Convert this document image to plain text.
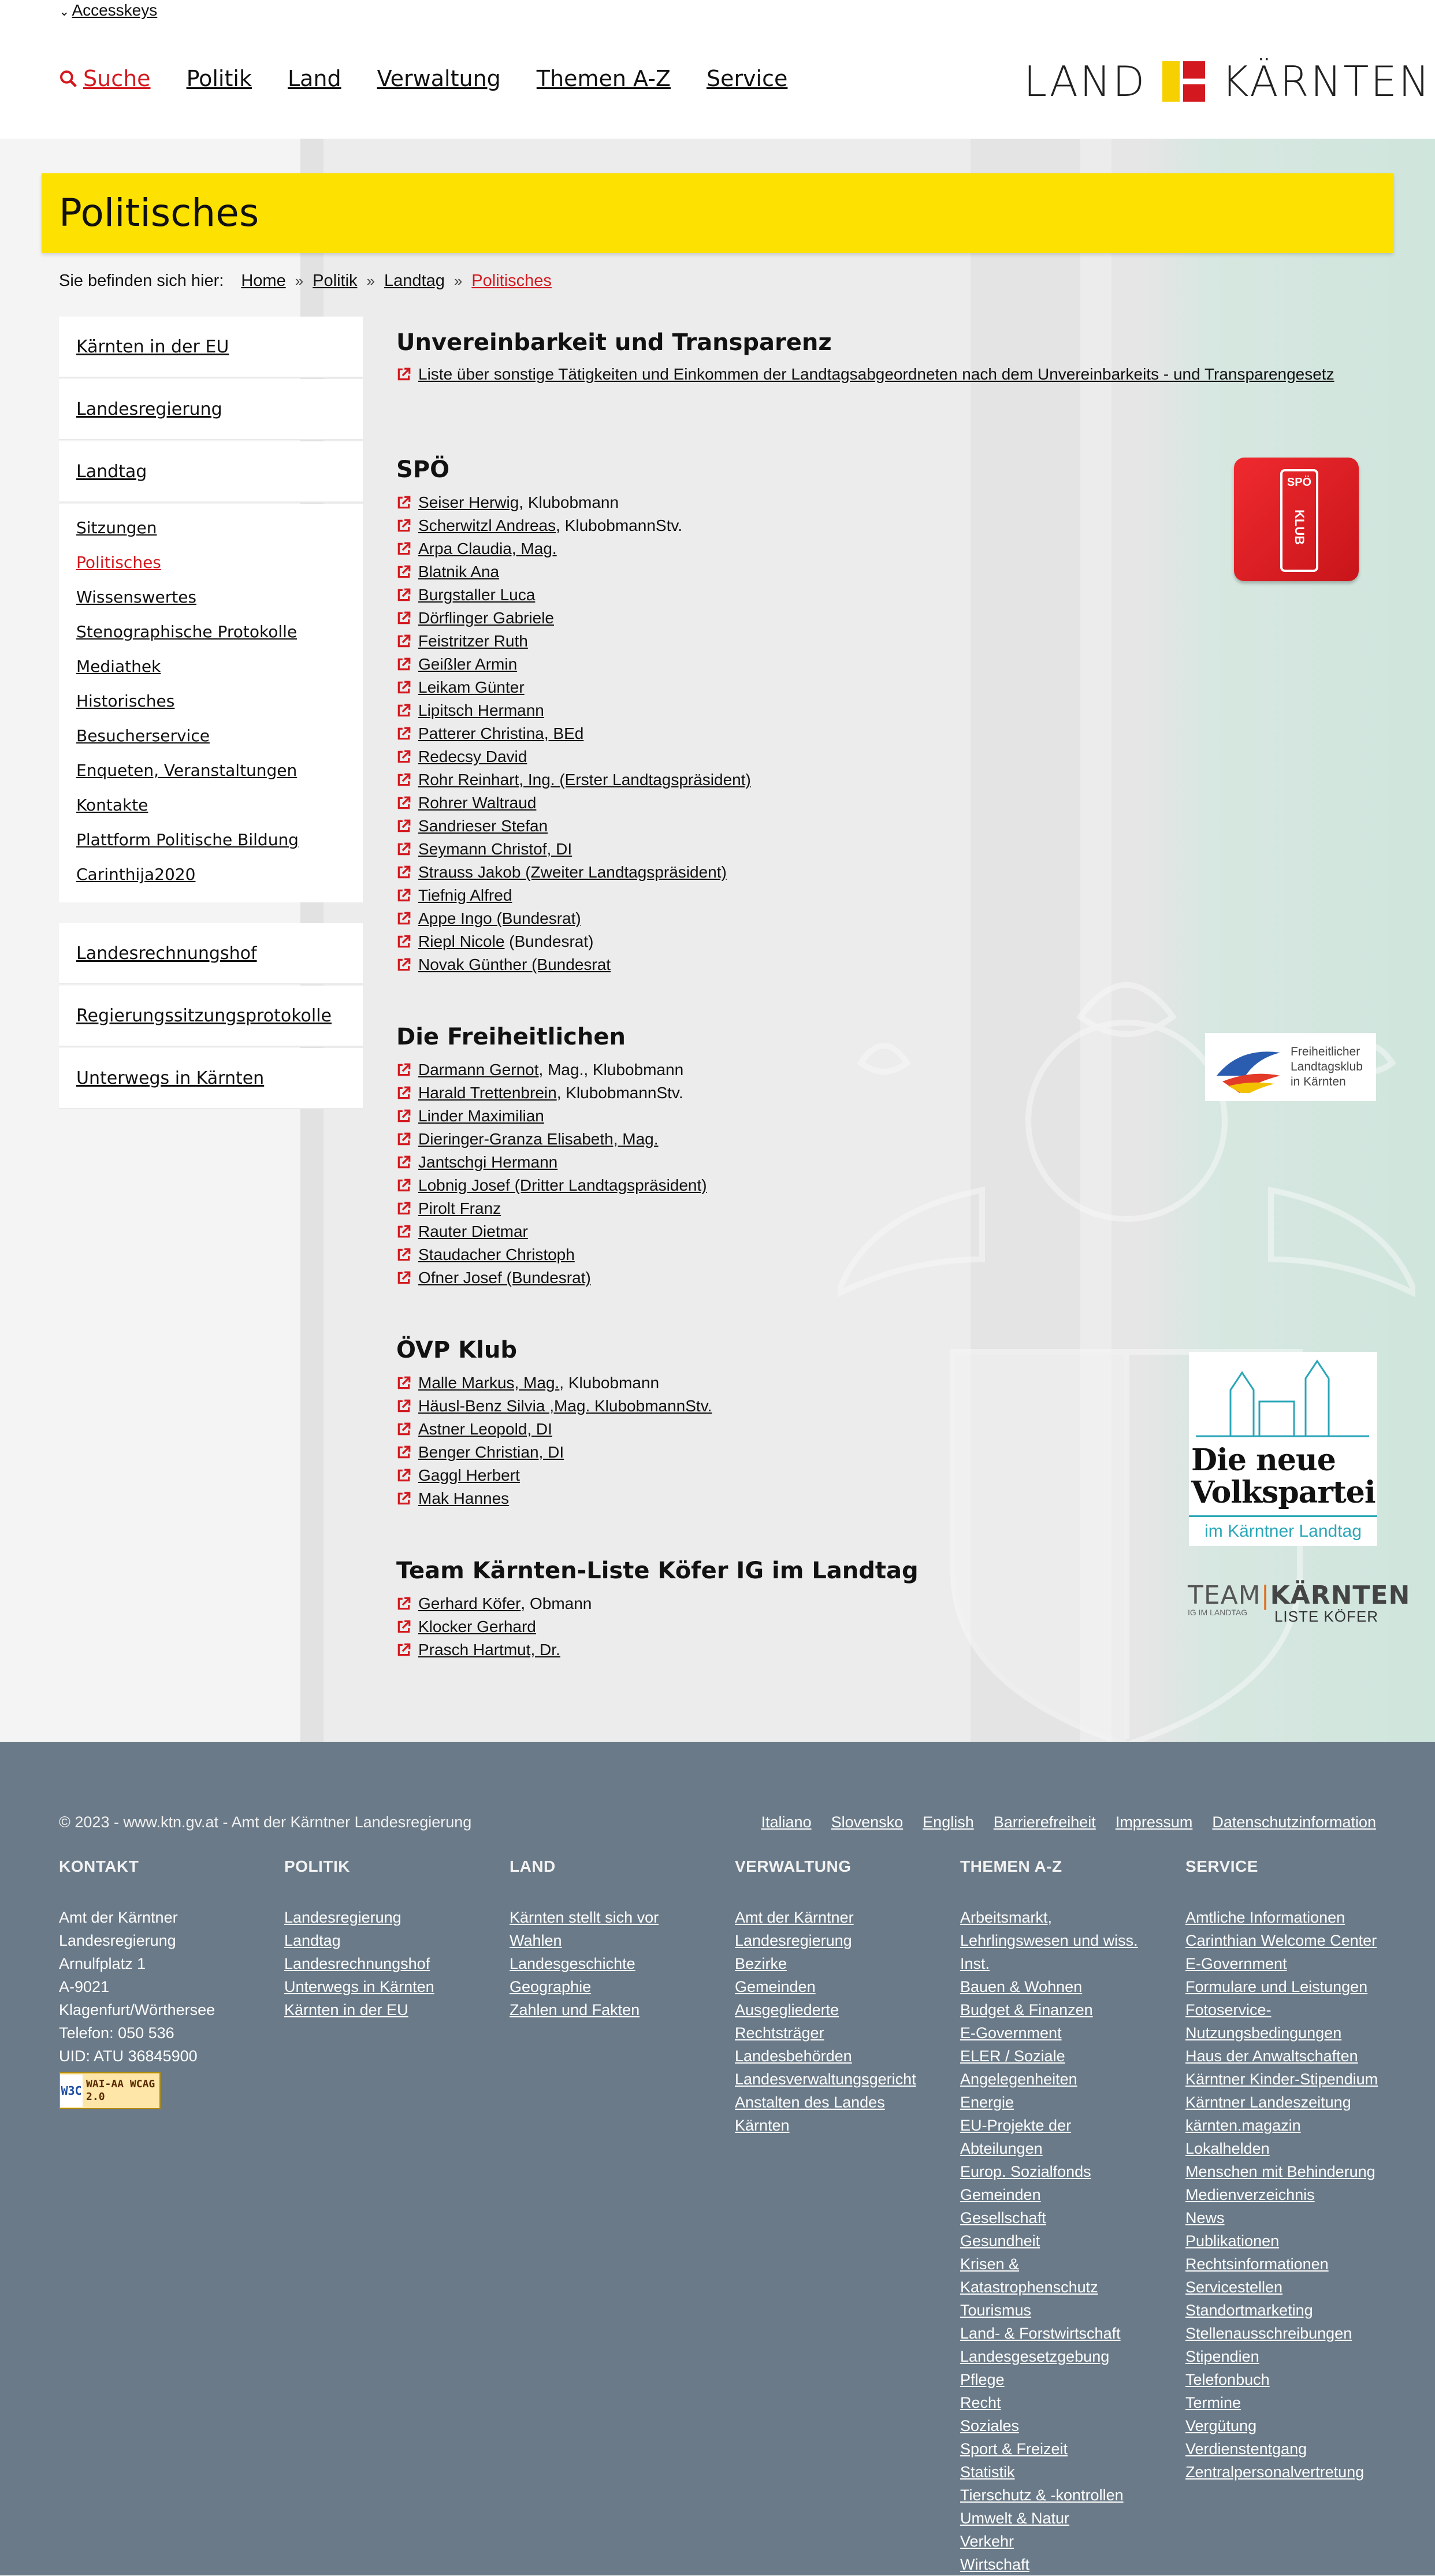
⌄ Accesskeys
Suche Politik Land Verwaltung Themen A-Z Service	LAND KÄRNTEN
Politisches
Sie befinden sich hier: Home » Politik » Landtag » Politisches
Kärnten in der EU
Landesregierung
Landtag
Sitzungen
Politisches
Wissenswertes
Stenographische Protokolle
Mediathek
Historisches
Besucherservice
Enqueten, Veranstaltungen
Kontakte
Plattform Politische Bildung
Carinthija2020
Landesrechnungshof
Regierungssitzungsprotokolle
Unterwegs in Kärnten
SPÖ
KLUB
Freiheitlicher
Landtagsklub
in Kärnten
Die neue
Volkspartei
im Kärntner Landtag
TEAM|KÄRNTEN
IG IM LANDTAG LISTE KÖFER
Unvereinbarkeit und Transparenz
Liste über sonstige Tätigkeiten und Einkommen der Landtagsabgeordneten nach dem Unvereinbarkeits - und Transparengesetz
SPÖ
Seiser Herwig , Klubobmann
Scherwitzl Andreas , KlubobmannStv.
Arpa Claudia, Mag.
Blatnik Ana
Burgstaller Luca
Dörflinger Gabriele
Feistritzer Ruth
Geißler Armin
Leikam Günter
Lipitsch Hermann
Patterer Christina, BEd
Redecsy David
Rohr Reinhart, Ing. (Erster Landtagspräsident)
Rohrer Waltraud
Sandrieser Stefan
Seymann Christof, DI
Strauss Jakob (Zweiter Landtagspräsident)
Tiefnig Alfred
Appe Ingo (Bundesrat)
Riepl Nicole (Bundesrat)
Novak Günther (Bundesrat
Die Freiheitlichen
Darmann Gernot , Mag., Klubobmann
Harald Trettenbrein , KlubobmannStv.
Linder Maximilian
Dieringer-Granza Elisabeth, Mag.
Jantschgi Hermann
Lobnig Josef (Dritter Landtagspräsident)
Pirolt Franz
Rauter Dietmar
Staudacher Christoph
Ofner Josef (Bundesrat)
ÖVP Klub
Malle Markus, Mag. , Klubobmann
Häusl-Benz Silvia ,Mag. KlubobmannStv.
Astner Leopold, DI
Benger Christian, DI
Gaggl Herbert
Mak Hannes
Team Kärnten-Liste Köfer IG im Landtag
Gerhard Köfer , Obmann
Klocker Gerhard
Prasch Hartmut, Dr.
© 2023 - www.ktn.gv.at - Amt der Kärntner Landesregierung	Italiano Slovensko English Barrierefreiheit Impressum Datenschutzinformation
KONTAKT
Amt der Kärntner
Landesregierung
Arnulfplatz 1
A-9021
Klagenfurt/Wörthersee
Telefon: 050 536
UID: ATU 36845900
W3C WAI-AA WCAG 2.0
POLITIK
Landesregierung
Landtag
Landesrechnungshof
Unterwegs in Kärnten
Kärnten in der EU
LAND
Kärnten stellt sich vor
Wahlen
Landesgeschichte
Geographie
Zahlen und Fakten
VERWALTUNG
Amt der Kärntner Landesregierung
Bezirke
Gemeinden
Ausgegliederte Rechtsträger
Landesbehörden
Landesverwaltungsgericht
Anstalten des Landes Kärnten
THEMEN A-Z
Arbeitsmarkt, Lehrlingswesen und wiss. Inst.
Bauen & Wohnen
Budget & Finanzen
E-Government
ELER / Soziale Angelegenheiten
Energie
EU-Projekte der Abteilungen
Europ. Sozialfonds
Gemeinden
Gesellschaft
Gesundheit
Krisen & Katastrophenschutz
Tourismus
Land- & Forstwirtschaft
Landesgesetzgebung
Pflege
Recht
Soziales
Sport & Freizeit
Statistik
Tierschutz & -kontrollen
Umwelt & Natur
Verkehr
Wirtschaft
SERVICE
Amtliche Informationen
Carinthian Welcome Center
E-Government
Formulare und Leistungen
Fotoservice-Nutzungsbedingungen
Haus der Anwaltschaften
Kärntner Kinder-Stipendium
Kärntner Landeszeitung
kärnten.magazin
Lokalhelden
Menschen mit Behinderung
Medienverzeichnis
News
Publikationen
Rechtsinformationen
Servicestellen
Standortmarketing
Stellenausschreibungen
Stipendien
Telefonbuch
Termine
Vergütung
Verdienstentgang
Zentralpersonalvertretung
